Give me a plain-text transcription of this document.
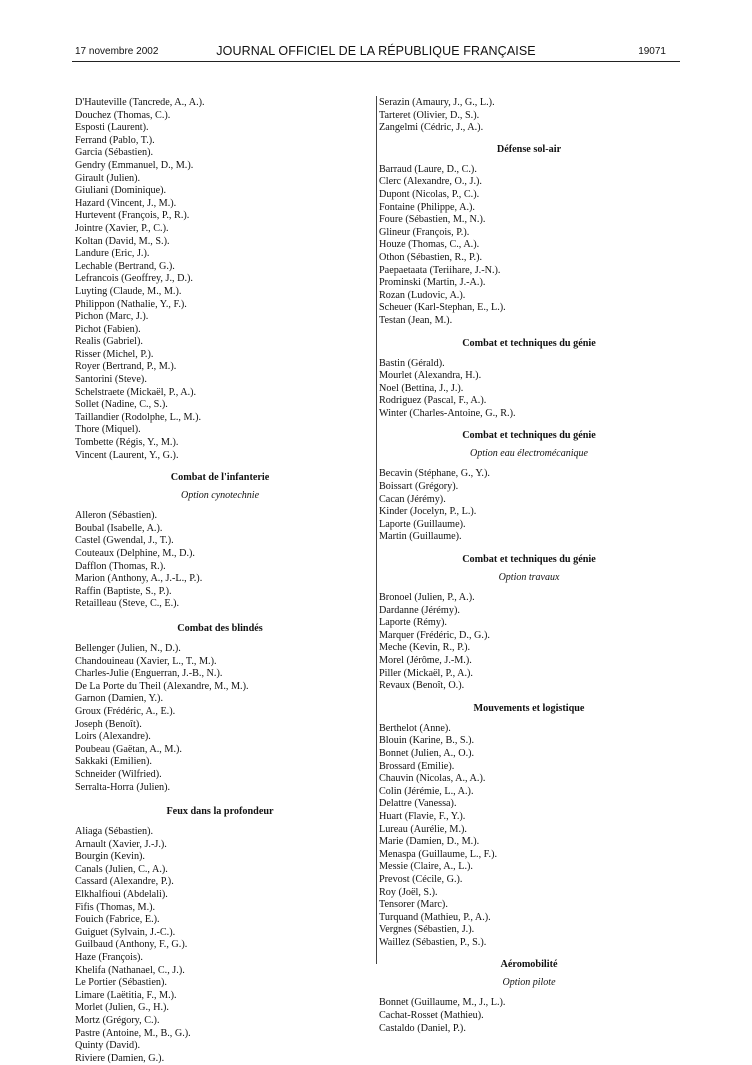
17 novembre 2002	JOURNAL OFFICIEL DE LA RÉPUBLIQUE FRANÇAISE	19071
D'Hauteville (Tancrede, A., A.).
Douchez (Thomas, C.).
Esposti (Laurent).
Ferrand (Pablo, T.).
Garcia (Sébastien).
Gendry (Emmanuel, D., M.).
Girault (Julien).
Giuliani (Dominique).
Hazard (Vincent, J., M.).
Hurtevent (François, P., R.).
Jointre (Xavier, P., C.).
Koltan (David, M., S.).
Landure (Eric, J.).
Lechable (Bertrand, G.).
Lefrancois (Geoffrey, J., D.).
Luyting (Claude, M., M.).
Philippon (Nathalie, Y., F.).
Pichon (Marc, J.).
Pichot (Fabien).
Realis (Gabriel).
Risser (Michel, P.).
Royer (Bertrand, P., M.).
Santorini (Steve).
Schelstraete (Mickaël, P., A.).
Sollet (Nadine, C., S.).
Taillandier (Rodolphe, L., M.).
Thore (Miquel).
Tombette (Régis, Y., M.).
Vincent (Laurent, Y., G.).
Combat de l'infanterie
Option cynotechnie
Alleron (Sébastien).
Boubal (Isabelle, A.).
Castel (Gwendal, J., T.).
Couteaux (Delphine, M., D.).
Dafflon (Thomas, R.).
Marion (Anthony, A., J.-L., P.).
Raffin (Baptiste, S., P.).
Retailleau (Steve, C., E.).
Combat des blindés
Bellenger (Julien, N., D.).
Chandouineau (Xavier, L., T., M.).
Charles-Julie (Enguerran, J.-B., N.).
De La Porte du Theil (Alexandre, M., M.).
Garnon (Damien, Y.).
Groux (Frédéric, A., E.).
Joseph (Benoît).
Loirs (Alexandre).
Poubeau (Gaëtan, A., M.).
Sakkaki (Emilien).
Schneider (Wilfried).
Serralta-Horra (Julien).
Feux dans la profondeur
Aliaga (Sébastien).
Arnault (Xavier, J.-J.).
Bourgin (Kevin).
Canals (Julien, C., A.).
Cassard (Alexandre, P.).
Elkhalfioui (Abdelali).
Fifis (Thomas, M.).
Fouich (Fabrice, E.).
Guiguet (Sylvain, J.-C.).
Guilbaud (Anthony, F., G.).
Haze (François).
Khelifa (Nathanael, C., J.).
Le Portier (Sébastien).
Limare (Laëtitia, F., M.).
Morlet (Julien, G., H.).
Mortz (Grégory, C.).
Pastre (Antoine, M., B., G.).
Quinty (David).
Riviere (Damien, G.).
Serazin (Amaury, J., G., L.).
Tarteret (Olivier, D., S.).
Zangelmi (Cédric, J., A.).
Défense sol-air
Barraud (Laure, D., C.).
Clerc (Alexandre, O., J.).
Dupont (Nicolas, P., C.).
Fontaine (Philippe, A.).
Foure (Sébastien, M., N.).
Glineur (François, P.).
Houze (Thomas, C., A.).
Othon (Sébastien, R., P.).
Paepaetaata (Teriihare, J.-N.).
Prominski (Martin, J.-A.).
Rozan (Ludovic, A.).
Scheuer (Karl-Stephan, E., L.).
Testan (Jean, M.).
Combat et techniques du génie
Bastin (Gérald).
Mourlet (Alexandra, H.).
Noel (Bettina, J., J.).
Rodriguez (Pascal, F., A.).
Winter (Charles-Antoine, G., R.).
Combat et techniques du génie
Option eau électromécanique
Becavin (Stéphane, G., Y.).
Boissart (Grégory).
Cacan (Jérémy).
Kinder (Jocelyn, P., L.).
Laporte (Guillaume).
Martin (Guillaume).
Combat et techniques du génie
Option travaux
Bronoel (Julien, P., A.).
Dardanne (Jérémy).
Laporte (Rémy).
Marquer (Frédéric, D., G.).
Meche (Kevin, R., P.).
Morel (Jérôme, J.-M.).
Piller (Mickaël, P., A.).
Revaux (Benoît, O.).
Mouvements et logistique
Berthelot (Anne).
Blouin (Karine, B., S.).
Bonnet (Julien, A., O.).
Brossard (Emilie).
Chauvin (Nicolas, A., A.).
Colin (Jérémie, L., A.).
Delattre (Vanessa).
Huart (Flavie, F., Y.).
Lureau (Aurélie, M.).
Marie (Damien, D., M.).
Menaspa (Guillaume, L., F.).
Messie (Claire, A., L.).
Prevost (Cécile, G.).
Roy (Joël, S.).
Tensorer (Marc).
Turquand (Mathieu, P., A.).
Vergnes (Sébastien, J.).
Waillez (Sébastien, P., S.).
Aéromobilité
Option pilote
Bonnet (Guillaume, M., J., L.).
Cachat-Rosset (Mathieu).
Castaldo (Daniel, P.).
